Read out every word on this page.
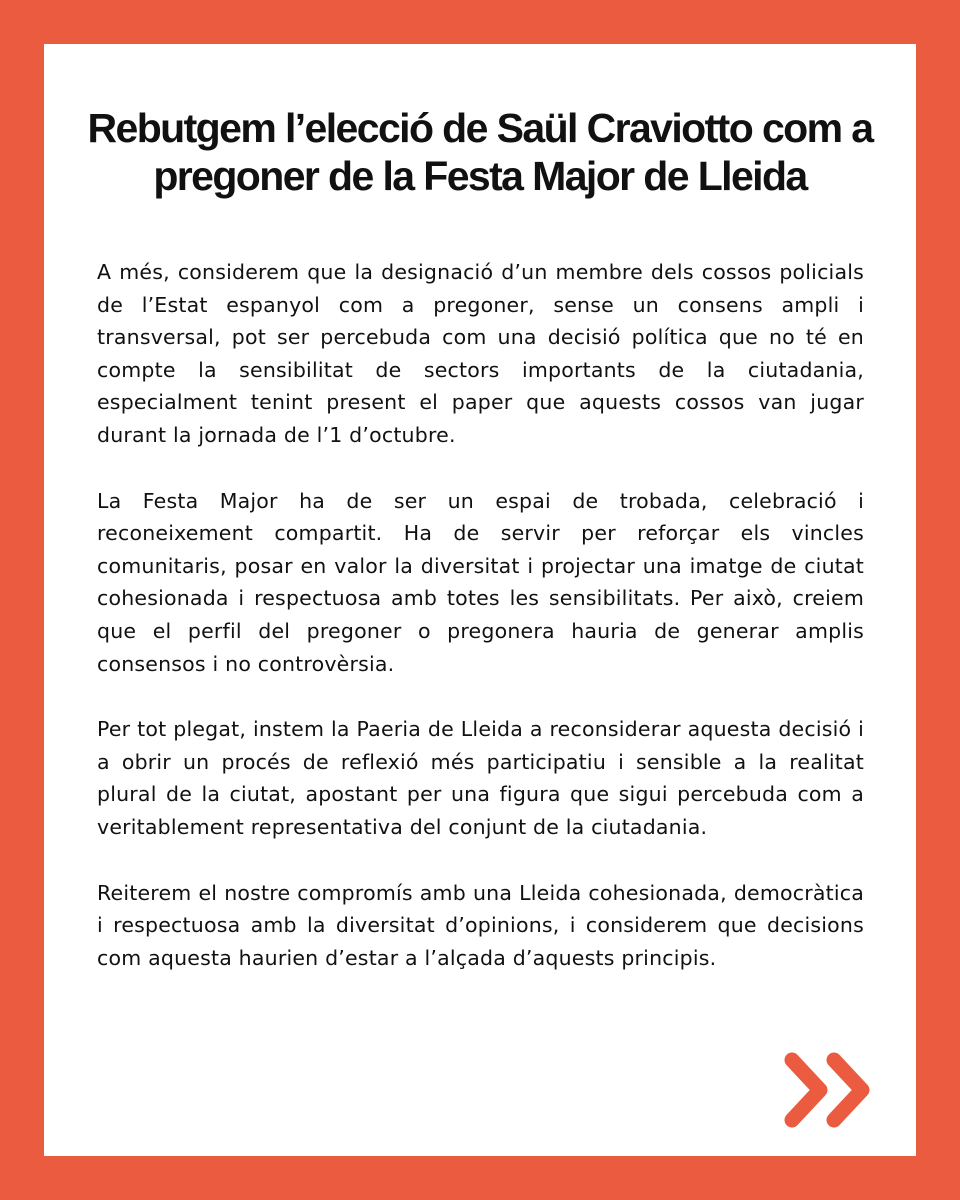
Rebutgem l’elecció de Saül Craviotto com a pregoner de la Festa Major de Lleida

A més, considerem que la designació d’un membre dels cossos policials de l’Estat espanyol com a pregoner, sense un consens ampli i transversal, pot ser percebuda com una decisió política que no té en compte la sensibilitat de sectors importants de la ciutadania, especialment tenint present el paper que aquests cossos van jugar durant la jornada de l’1 d’octubre.

La Festa Major ha de ser un espai de trobada, celebració i reconeixement compartit. Ha de servir per reforçar els vincles comunitaris, posar en valor la diversitat i projectar una imatge de ciutat cohesionada i respectuosa amb totes les sensibilitats. Per això, creiem que el perfil del pregoner o pregonera hauria de generar amplis consensos i no controvèrsia.

Per tot plegat, instem la Paeria de Lleida a reconsiderar aquesta decisió i a obrir un procés de reflexió més participatiu i sensible a la realitat plural de la ciutat, apostant per una figura que sigui percebuda com a veritablement representativa del conjunt de la ciutadania.

Reiterem el nostre compromís amb una Lleida cohesionada, democràtica i respectuosa amb la diversitat d’opinions, i considerem que decisions com aquesta haurien d’estar a l’alçada d’aquests principis.
